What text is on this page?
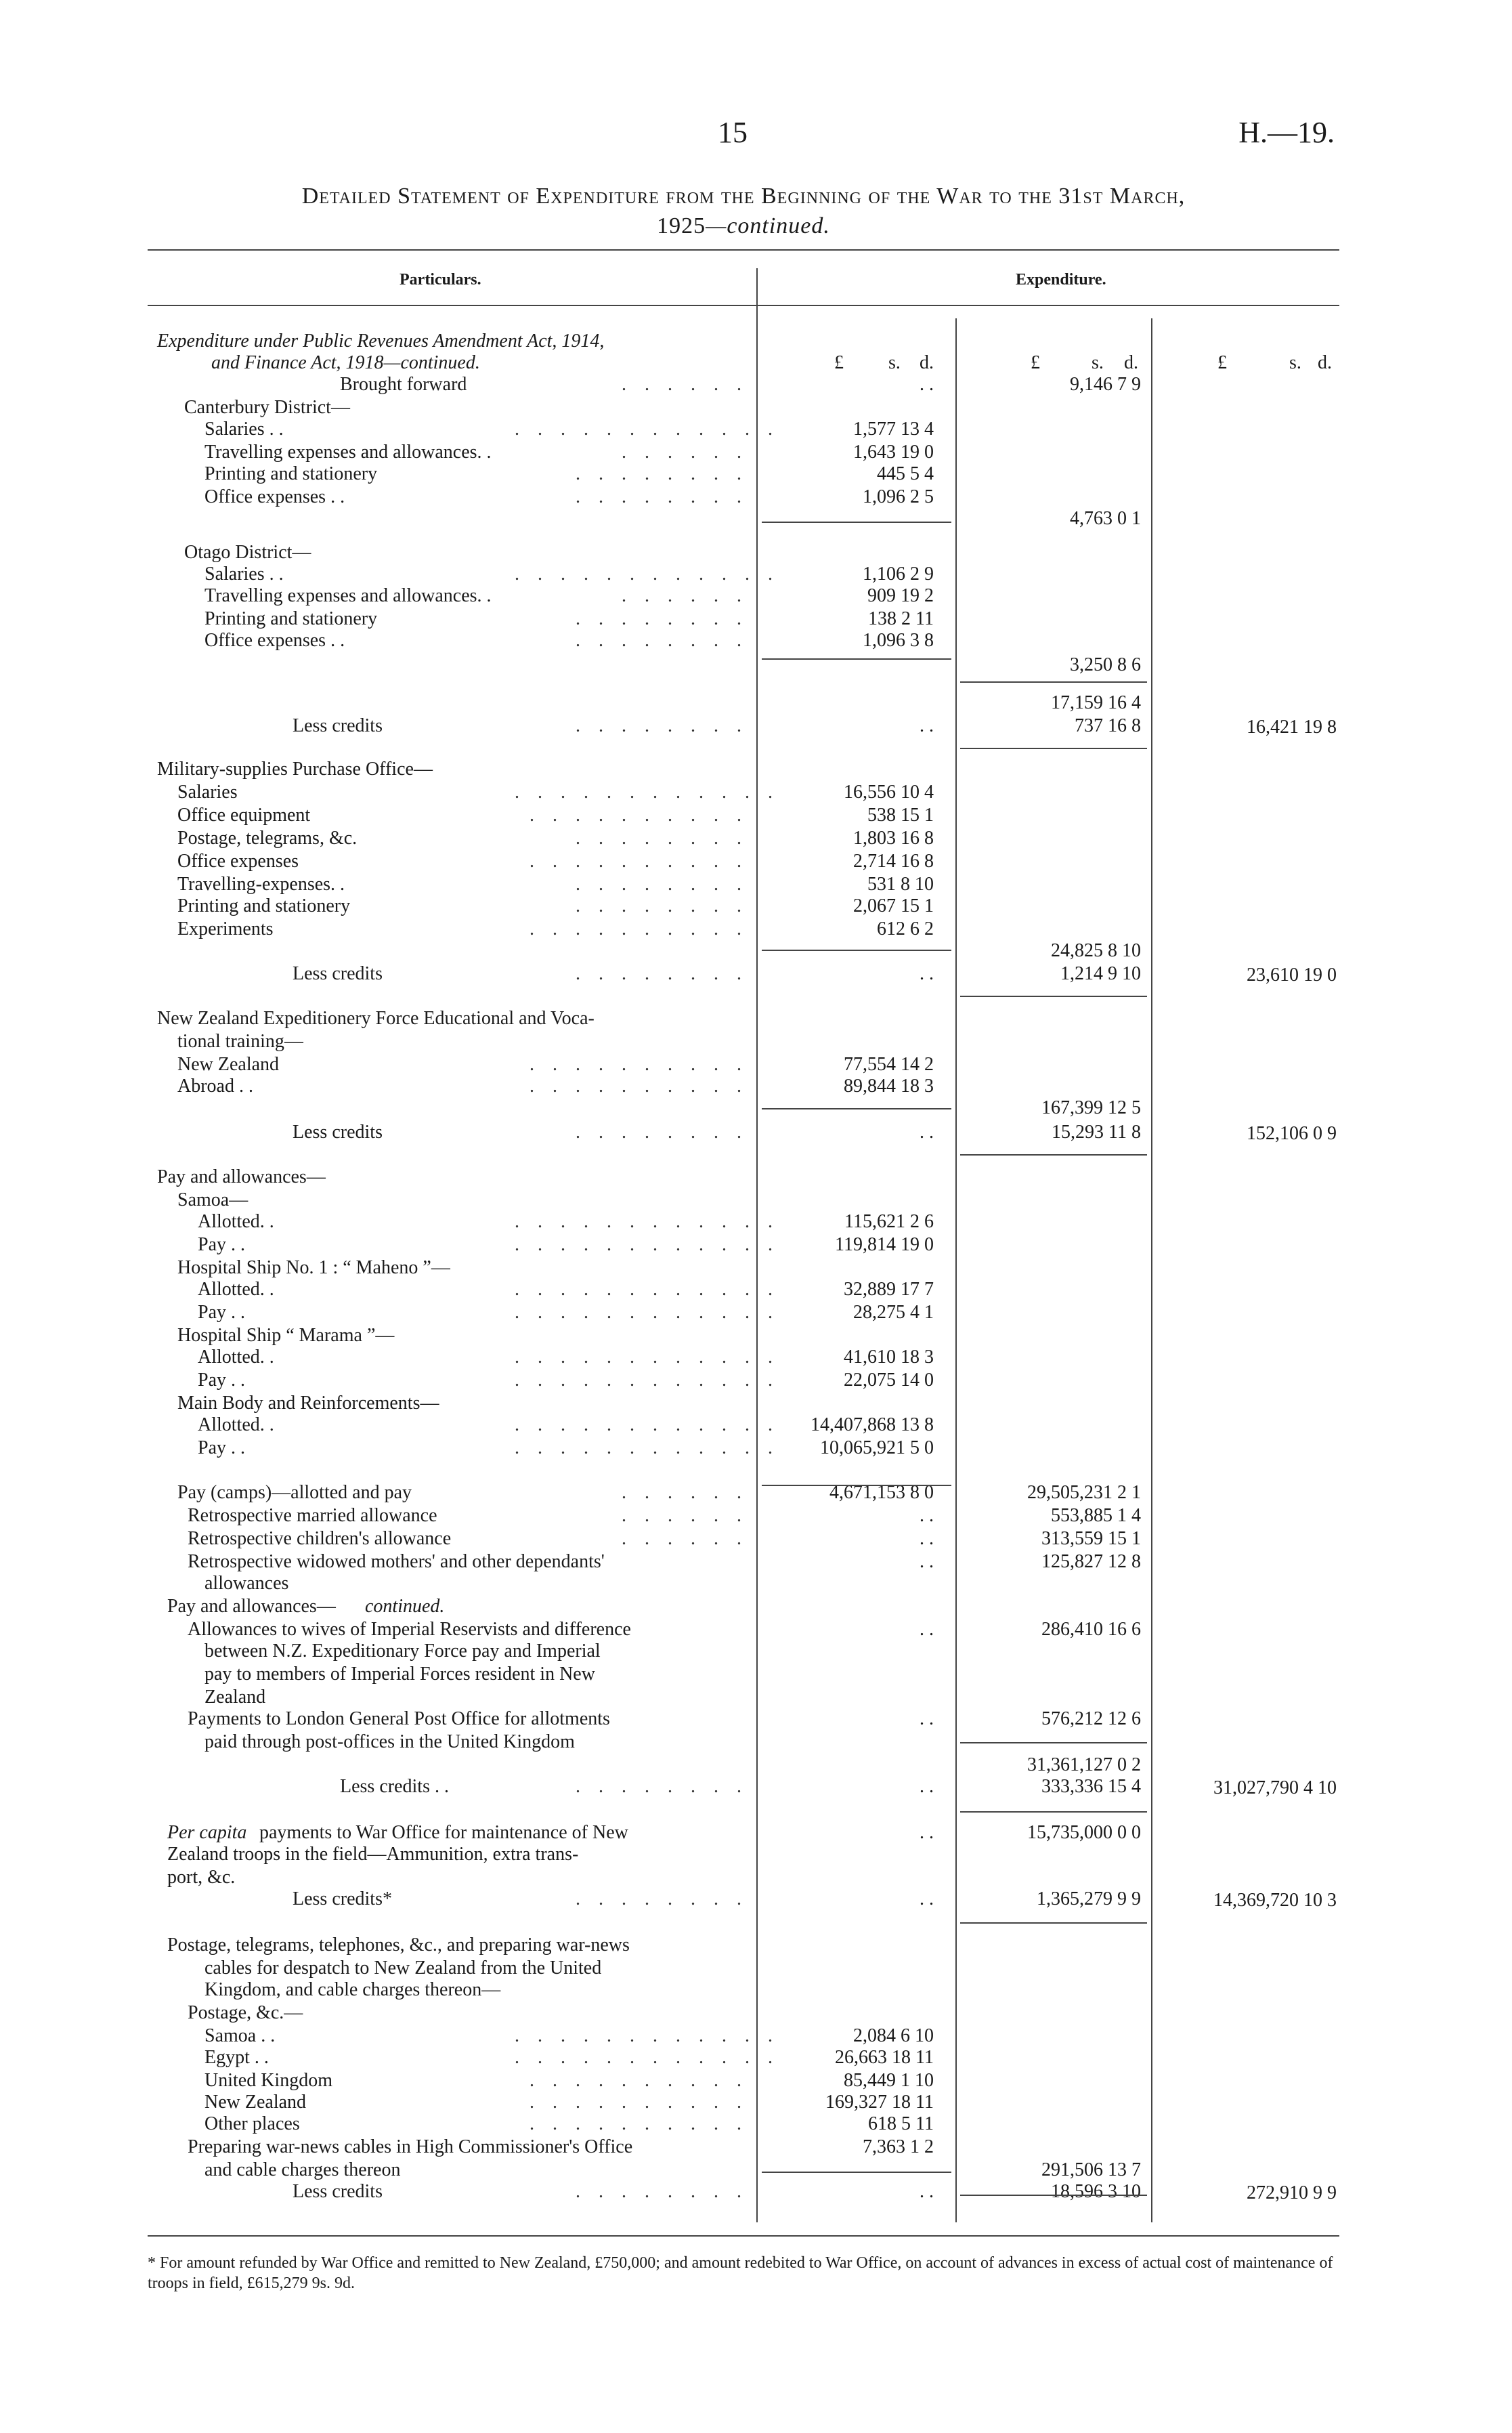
15	H.—19.
Detailed Statement of Expenditure from the Beginning of the War to the 31st March,
1925—continued.
Particulars.	Expenditure.
£ s. d.	£	s. d.	£	s. d.
Expenditure under Public Revenues Amendment Act, 1914,
and Finance Act, 1918—continued.
Brought forward	. . . . . .	. .	9,146 7 9
Canterbury District—
Salaries . .	. . . . . . . . . . . .	1,577 13 4
Travelling expenses and allowances. .	. . . . . .	1,643 19 0
Printing and stationery	. . . . . . . .	445 5 4
Office expenses . .	. . . . . . . .	1,096 2 5
4,763 0 1
Otago District—
Salaries . .	. . . . . . . . . . . .	1,106 2 9
Travelling expenses and allowances. .	. . . . . .	909 19 2
Printing and stationery	. . . . . . . .	138 2 11
Office expenses . .	. . . . . . . .	1,096 3 8
3,250 8 6
17,159 16 4
Less credits	. . . . . . . .	. .	737 16 8	16,421 19 8
Military-supplies Purchase Office—
Salaries	. . . . . . . . . . . .	16,556 10 4
Office equipment	. . . . . . . . . .	538 15 1
Postage, telegrams, &c.	. . . . . . . .	1,803 16 8
Office expenses	. . . . . . . . . .	2,714 16 8
Travelling-expenses. .	. . . . . . . .	531 8 10
Printing and stationery	. . . . . . . .	2,067 15 1
Experiments	. . . . . . . . . .	612 6 2
24,825 8 10
Less credits	. . . . . . . .	. .	1,214 9 10	23,610 19 0
New Zealand Expeditionery Force Educational and Voca-
tional training—
New Zealand	. . . . . . . . . .	77,554 14 2
Abroad . .	. . . . . . . . . .	89,844 18 3
167,399 12 5
Less credits	. . . . . . . .	. .	15,293 11 8	152,106 0 9
Pay and allowances—
Samoa—
Allotted. .	. . . . . . . . . . . .	115,621 2 6
Pay . .	. . . . . . . . . . . .	119,814 19 0
Hospital Ship No. 1 : “ Maheno ”—
Allotted. .	. . . . . . . . . . . .	32,889 17 7
Pay . .	. . . . . . . . . . . .	28,275 4 1
Hospital Ship “ Marama ”—
Allotted. .	. . . . . . . . . . . .	41,610 18 3
Pay . .	. . . . . . . . . . . .	22,075 14 0
Main Body and Reinforcements—
Allotted. .	. . . . . . . . . . . . 14,407,868 13 8
Pay . .	. . . . . . . . . . . . 10,065,921 5 0
Pay (camps)—allotted and pay	. . . . . .	4,671,153 8 0	29,505,231 2 1
Retrospective married allowance	. . . . . .	. .	553,885 1 4
Retrospective children's allowance	. . . . . .	. .	313,559 15 1
Retrospective widowed mothers' and other dependants'	. .	125,827 12 8
allowances
Pay and allowances— continued.
Allowances to wives of Imperial Reservists and difference	. .	286,410 16 6
between N.Z. Expeditionary Force pay and Imperial
pay to members of Imperial Forces resident in New
Zealand
Payments to London General Post Office for allotments	. .	576,212 12 6
paid through post-offices in the United Kingdom
31,361,127 0 2
Less credits . .	. . . . . . . .	. .	333,336 15 4	31,027,790 4 10
Per capita payments to War Office for maintenance of New	. .	15,735,000 0 0
Zealand troops in the field—Ammunition, extra trans-
port, &c.
Less credits*	. . . . . . . .	. .	1,365,279 9 9	14,369,720 10 3
Postage, telegrams, telephones, &c., and preparing war-news
cables for despatch to New Zealand from the United
Kingdom, and cable charges thereon—
Postage, &c.—
Samoa . .	. . . . . . . . . . . .	2,084 6 10
Egypt . .	. . . . . . . . . . . .	26,663 18 11
United Kingdom	. . . . . . . . . .	85,449 1 10
New Zealand	. . . . . . . . . .	169,327 18 11
Other places	. . . . . . . . . .	618 5 11
Preparing war-news cables in High Commissioner's Office	7,363 1 2
and cable charges thereon	291,506 13 7
Less credits	. . . . . . . .	. .	18,596 3 10	272,910 9 9
* For amount refunded by War Office and remitted to New Zealand, £750,000; and amount redebited to War Office, on account of advances in excess of actual cost of maintenance of troops in field, £615,279 9s. 9d.
